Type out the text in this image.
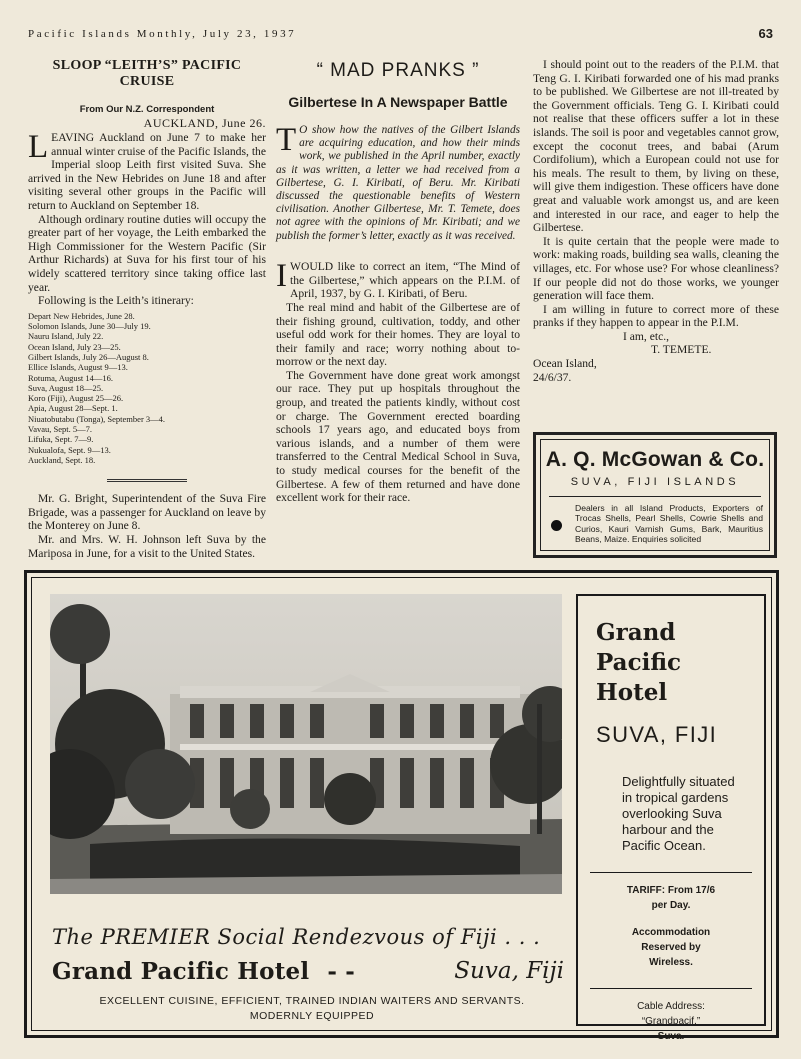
Pacific Islands Monthly, July 23, 1937	63
SLOOP “LEITH’S” PACIFIC
CRUISE
From Our N.Z. Correspondent
AUCKLAND, June 26.

LEAVING Auckland on June 7 to make her annual winter cruise of the Pacific Islands, the Imperial sloop Leith first visited Suva. She arrived in the New Hebrides on June 18 and after visiting several other groups in the Pacific will return to Auckland on September 18.

Although ordinary routine duties will occupy the greater part of her voyage, the Leith embarked the High Commissioner for the Western Pacific (Sir Arthur Richards) at Suva for his first tour of his widely scattered territory since taking office last year.

Following is the Leith’s itinerary:

Depart New Hebrides, June 28.
Solomon Islands, June 30—July 19.
Nauru Island, July 22.
Ocean Island, July 23—25.
Gilbert Islands, July 26—August 8.
Ellice Islands, August 9—13.
Rotuma, August 14—16.
Suva, August 18—25.
Koro (Fiji), August 25—26.
Apia, August 28—Sept. 1.
Niuatobutabu (Tonga), September 3—4.
Vavau, Sept. 5—7.
Lifuka, Sept. 7—9.
Nukualofa, Sept. 9—13.
Auckland, Sept. 18.

Mr. G. Bright, Superintendent of the Suva Fire Brigade, was a passenger for Auckland on leave by the Monterey on June 8.

Mr. and Mrs. W. H. Johnson left Suva by the Mariposa in June, for a visit to the United States.

“ MAD PRANKS ”
Gilbertese In A Newspaper Battle

T O show how the natives of the Gilbert Islands are acquiring education, and how their minds work, we published in the April number, exactly as it was written, a letter we had received from a Gilbertese, G. I. Kiribati, of Beru. Mr. Kiribati discussed the questionable benefits of Western civilisation. Another Gilbertese, Mr. T. Temete, does not agree with the opinions of Mr. Kiribati; and we publish the former’s letter, exactly as it was received.

IWOULD like to correct an item, “The Mind of the Gilbertese,” which appears on the P.I.M. of April, 1937, by G. I. Kiribati, of Beru.

The real mind and habit of the Gilbertese are of their fishing ground, cultivation, toddy, and other useful odd work for their homes. They are loyal to their family and race; worry nothing about to-morrow or the next day.

The Government have done great work amongst our race. They put up hospitals throughout the group, and treated the patients kindly, without cost or charge. The Government erected boarding schools 17 years ago, and educated boys from various islands, and a number of them were transferred to the Central Medical School in Suva, to study medical courses for the benefit of the Gilbertese. A few of them returned and have done excellent work for their race.

I should point out to the readers of the P.I.M. that Teng G. I. Kiribati forwarded one of his mad pranks to be published. We Gilbertese are not ill-treated by the Government officials. Teng G. I. Kiribati could not realise that these officers suffer a lot in these islands. The soil is poor and vegetables cannot grow, except the coconut trees, and babai (Arum Cordifolium), which a European could not use for his meals. The result to them, by living on these, will give them indigestion. These officers have done great and valuable work amongst us, and are keen and interested in our race, and eager to help the Gilbertese.

It is quite certain that the people were made to work: making roads, building sea walls, cleaning the villages, etc. For whose use? For whose cleanliness? If our people did not do those works, we younger generation will face them.

I am willing in future to correct more of these pranks if they happen to appear in the P.I.M.

I am, etc.,
T. TEMETE.
Ocean Island,
24/6/37.
A. Q. McGowan & Co.
SUVA, FIJI ISLANDS
Dealers in all Island Products, Exporters of Trocas Shells, Pearl Shells, Cowrie Shells and Curios, Kauri Varnish Gums, Bark, Mauritius Beans, Maize. Enquiries solicited
The PREMIER Social Rendezvous of Fiji . . .
Grand Pacific Hotel - -	Suva, Fiji
EXCELLENT CUISINE, EFFICIENT, TRAINED INDIAN WAITERS AND SERVANTS.
MODERNLY EQUIPPED
Grand
Pacific
Hotel
SUVA, FIJI
Delightfully situated in tropical gardens overlooking Suva harbour and the Pacific Ocean.
TARIFF: From 17/6
per Day.
Accommodation
Reserved by
Wireless.
Cable Address:
“Grandpacif,”
Suva.
